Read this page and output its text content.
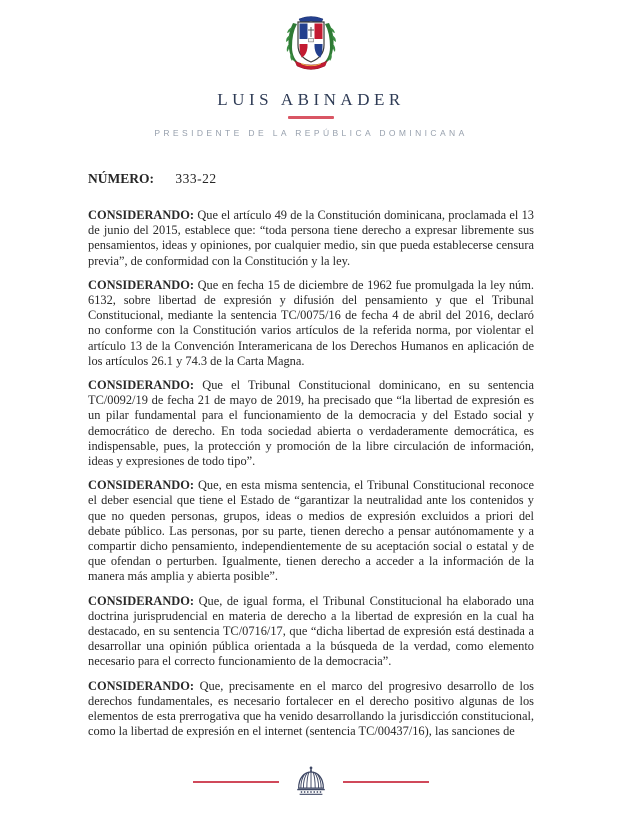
LUIS ABINADER
PRESIDENTE DE LA REPÚBLICA DOMINICANA
NÚMERO: 333-22

CONSIDERANDO: Que el artículo 49 de la Constitución dominicana, proclamada el 13 de junio del 2015, establece que: “toda persona tiene derecho a expresar libremente sus pensamientos, ideas y opiniones, por cualquier medio, sin que pueda establecerse censura previa”, de conformidad con la Constitución y la ley.

CONSIDERANDO: Que en fecha 15 de diciembre de 1962 fue promulgada la ley núm. 6132, sobre libertad de expresión y difusión del pensamiento y que el Tribunal Constitucional, mediante la sentencia TC/0075/16 de fecha 4 de abril del 2016, declaró no conforme con la Constitución varios artículos de la referida norma, por violentar el artículo 13 de la Convención Interamericana de los Derechos Humanos en aplicación de los artículos 26.1 y 74.3 de la Carta Magna.

CONSIDERANDO: Que el Tribunal Constitucional dominicano, en su sentencia TC/0092/19 de fecha 21 de mayo de 2019, ha precisado que “la libertad de expresión es un pilar fundamental para el funcionamiento de la democracia y del Estado social y democrático de derecho. En toda sociedad abierta o verdaderamente democrática, es indispensable, pues, la protección y promoción de la libre circulación de información, ideas y expresiones de todo tipo”.

CONSIDERANDO: Que, en esta misma sentencia, el Tribunal Constitucional reconoce el deber esencial que tiene el Estado de “garantizar la neutralidad ante los contenidos y que no queden personas, grupos, ideas o medios de expresión excluidos a priori del debate público. Las personas, por su parte, tienen derecho a pensar autónomamente y a compartir dicho pensamiento, independientemente de su aceptación social o estatal y de que ofendan o perturben. Igualmente, tienen derecho a acceder a la información de la manera más amplia y abierta posible”.

CONSIDERANDO: Que, de igual forma, el Tribunal Constitucional ha elaborado una doctrina jurisprudencial en materia de derecho a la libertad de expresión en la cual ha destacado, en su sentencia TC/0716/17, que “dicha libertad de expresión está destinada a desarrollar una opinión pública orientada a la búsqueda de la verdad, como elemento necesario para el correcto funcionamiento de la democracia”.

CONSIDERANDO: Que, precisamente en el marco del progresivo desarrollo de los derechos fundamentales, es necesario fortalecer en el derecho positivo algunas de los elementos de esta prerrogativa que ha venido desarrollando la jurisdicción constitucional, como la libertad de expresión en el internet (sentencia TC/00437/16), las sanciones de
